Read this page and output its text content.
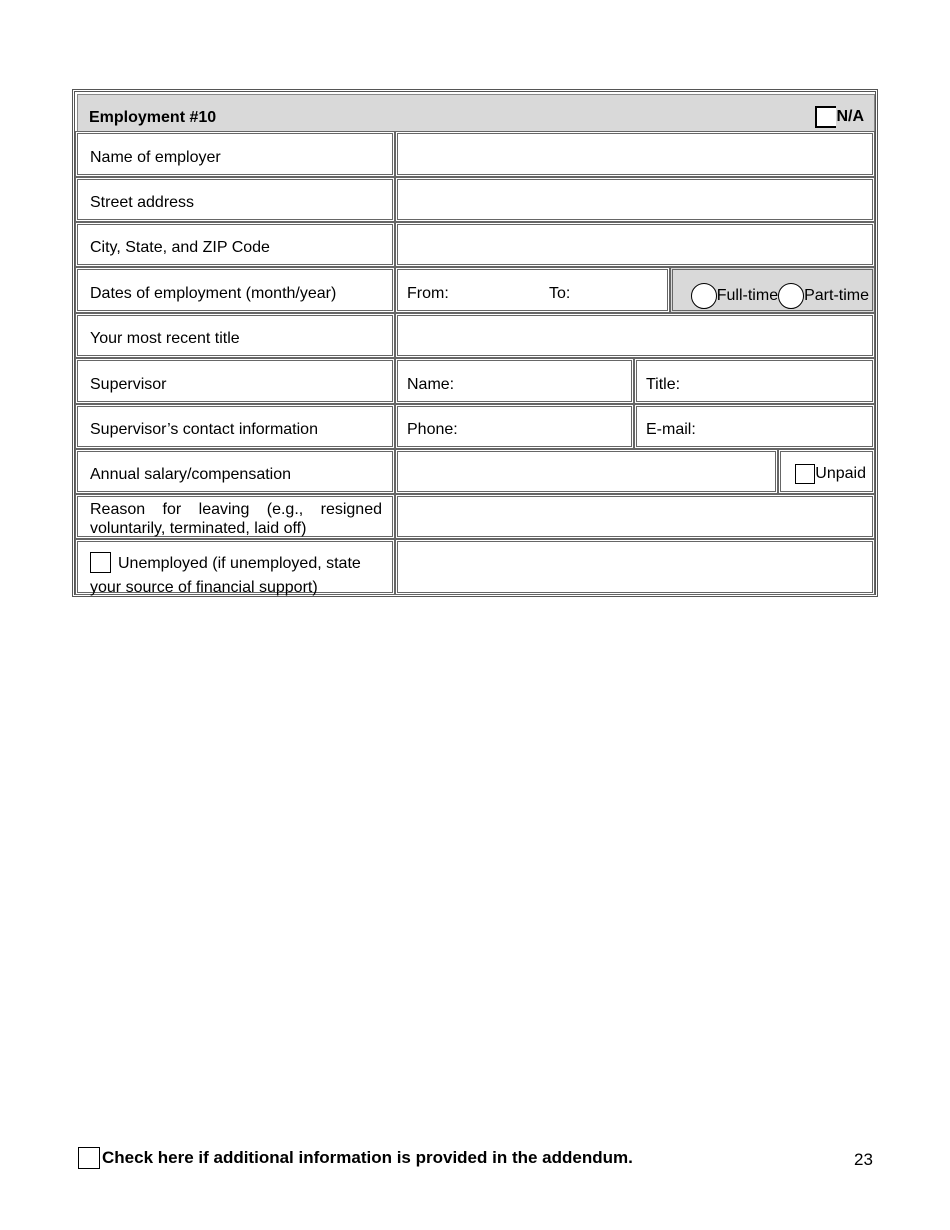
Employment #10	N/A
Name of employer
Street address
City, State, and ZIP Code
Dates of employment (month/year)	From:	To:	Full-time Part-time
Your most recent title
Supervisor	Name:	Title:
Supervisor’s contact information	Phone:	E-mail:
Annual salary/compensation	Unpaid
Reason for leaving (e.g., resigned voluntarily, terminated, laid off)
Unemployed (if unemployed, state your source of financial support)
Check here if additional information is provided in the addendum.	23
